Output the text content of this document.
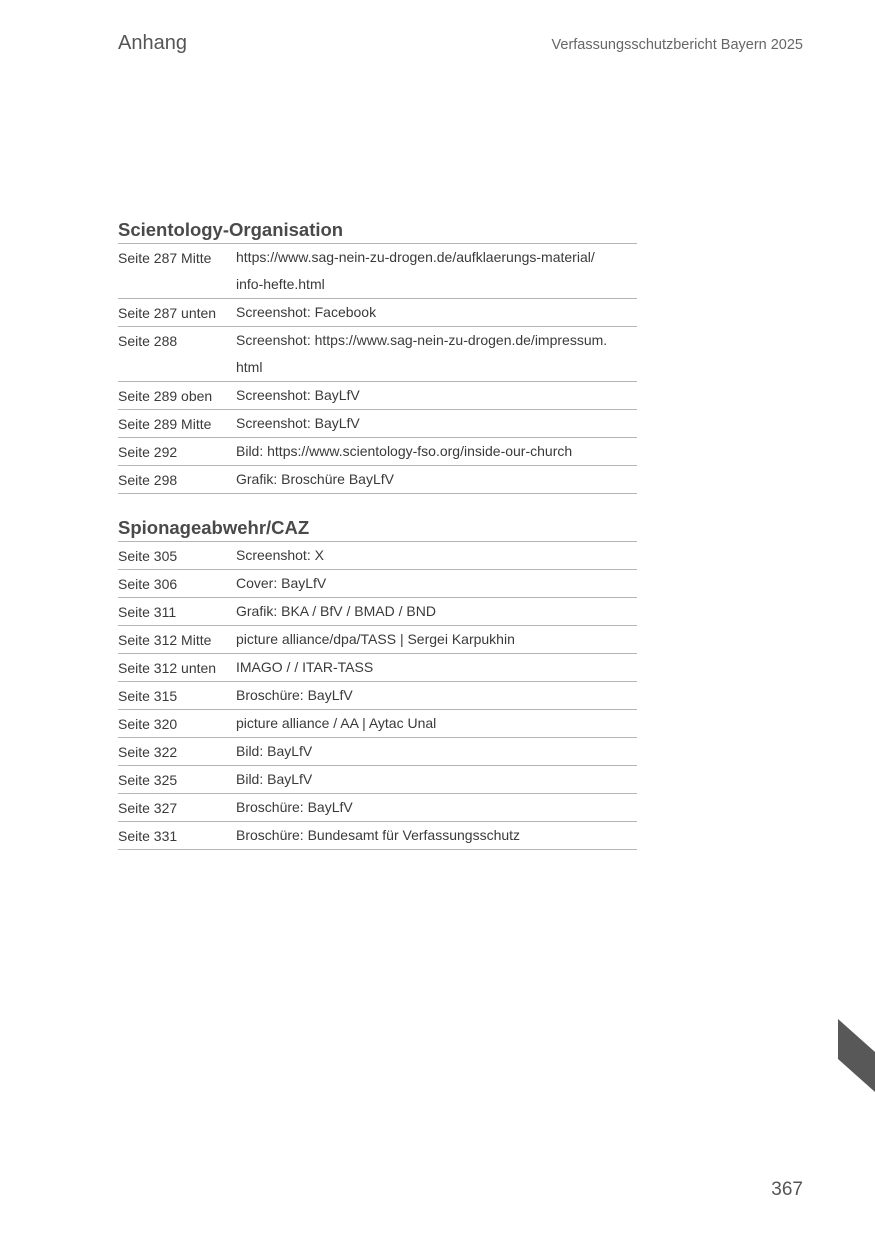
Anhang	Verfassungsschutzbericht Bayern 2025
Scientology-Organisation
Seite 287 Mitte	https://www.sag-nein-zu-drogen.de/aufklaerungs-material/
info-hefte.html
Seite 287 unten	Screenshot: Facebook
Seite 288	Screenshot: https://www.sag-nein-zu-drogen.de/impressum.
html
Seite 289 oben	Screenshot: BayLfV
Seite 289 Mitte	Screenshot: BayLfV
Seite 292	Bild: https://www.scientology-fso.org/inside-our-church
Seite 298	Grafik: Broschüre BayLfV
Spionageabwehr/CAZ
Seite 305	Screenshot: X
Seite 306	Cover: BayLfV
Seite 311	Grafik: BKA / BfV / BMAD / BND
Seite 312 Mitte	picture alliance/dpa/TASS | Sergei Karpukhin
Seite 312 unten	IMAGO / / ITAR-TASS
Seite 315	Broschüre: BayLfV
Seite 320	picture alliance / AA | Aytac Unal
Seite 322	Bild: BayLfV
Seite 325	Bild: BayLfV
Seite 327	Broschüre: BayLfV
Seite 331	Broschüre: Bundesamt für Verfassungsschutz
367
